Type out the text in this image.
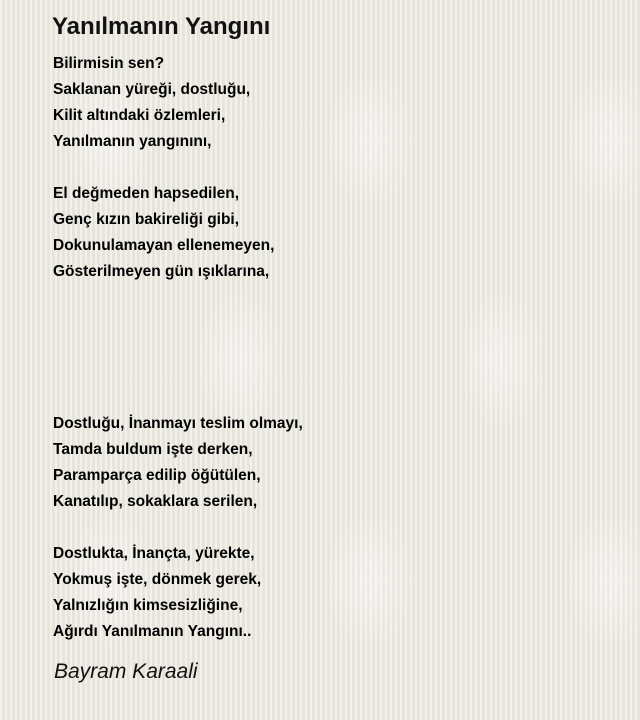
Yanılmanın Yangını
Bilirmisin sen?
Saklanan yüreği, dostluğu,
Kilit altındaki özlemleri,
Yanılmanın yangınını,
El değmeden hapsedilen,
Genç kızın bakireliği gibi,
Dokunulamayan ellenemeyen,
Gösterilmeyen gün ışıklarına,
Dostluğu, İnanmayı teslim olmayı,
Tamda buldum işte derken,
Paramparça edilip öğütülen,
Kanatılıp, sokaklara serilen,
Dostlukta, İnançta, yürekte,
Yokmuş işte, dönmek gerek,
Yalnızlığın kimsesizliğine,
Ağırdı Yanılmanın Yangını..

Bayram Karaali
